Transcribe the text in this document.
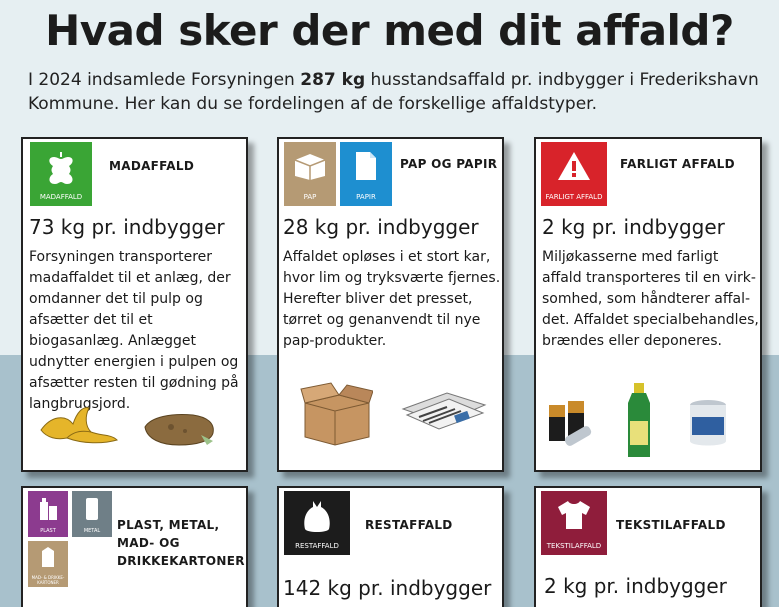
Hvad sker der med dit affald?
I 2024 indsamlede Forsyningen 287 kg husstandsaffald pr. indbygger i Frederikshavn Kommune. Her kan du se fordelingen af de forskellige affaldstyper.
MADAFFALD
MADAFFALD
73 kg pr. indbygger
Forsyningen transporterer madaffaldet til et anlæg, der omdanner det til pulp og afsætter det til et biogasanlæg. Anlægget udnytter energien i pulpen og afsætter resten til gødning på langbrugsjord.
PAP	PAPIR
PAP OG PAPIR
28 kg pr. indbygger
Affaldet opløses i et stort kar, hvor lim og tryksværte fjernes. Herefter bliver det presset, tørret og genanvendt til nye pap-produkter.
FARLIGT AFFALD
FARLIGT AFFALD
2 kg pr. indbygger
Miljøkasserne med farligt affald transporteres til en virk- somhed, som håndterer affal- det. Affaldet specialbehandles, brændes eller deponeres.
PLAST	METAL
MAD- & DRIKKE-KARTONER
PLAST, METAL,
MAD- OG
DRIKKEKARTONER
RESTAFFALD
RESTAFFALD
142 kg pr. indbygger
TEKSTILAFFALD
TEKSTILAFFALD
2 kg pr. indbygger
